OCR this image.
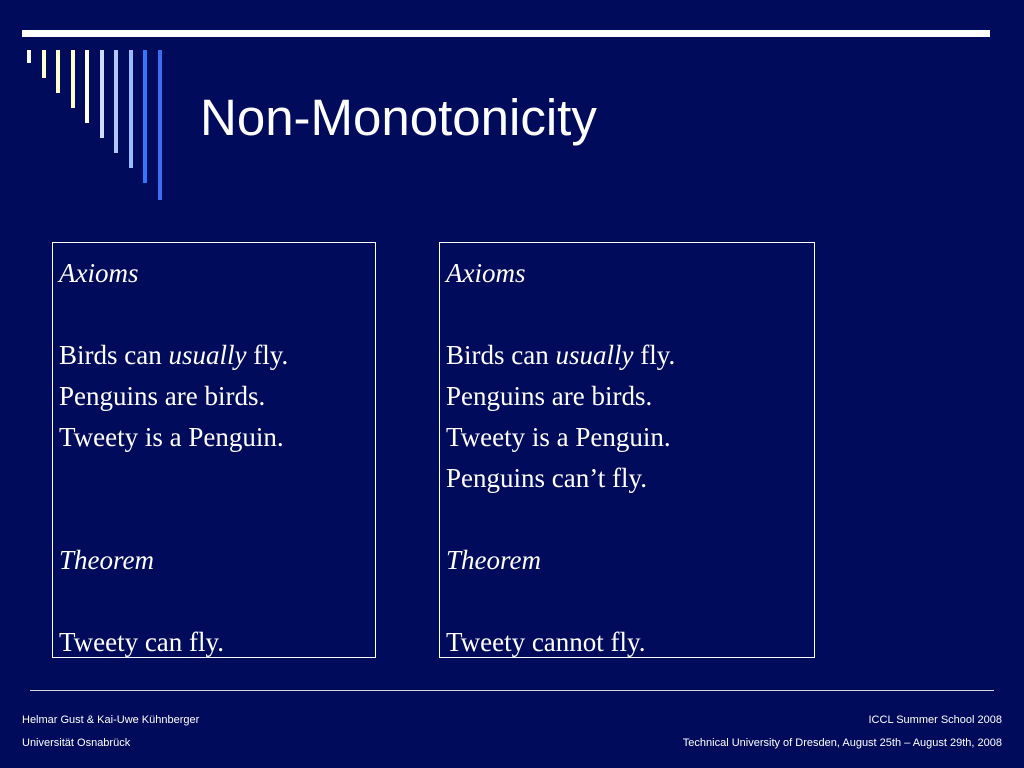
Non-Monotonicity

Axioms

Birds can usually fly.

Penguins are birds.

Tweety is a Penguin.

Theorem

Tweety can fly.

Axioms

Birds can usually fly.

Penguins are birds.

Tweety is a Penguin.

Penguins can’t fly.

Theorem

Tweety cannot fly.

Helmar Gust & Kai-Uwe Kühnberger
Universität Osnabrück
ICCL Summer School 2008
Technical University of Dresden, August 25th – August 29th, 2008
